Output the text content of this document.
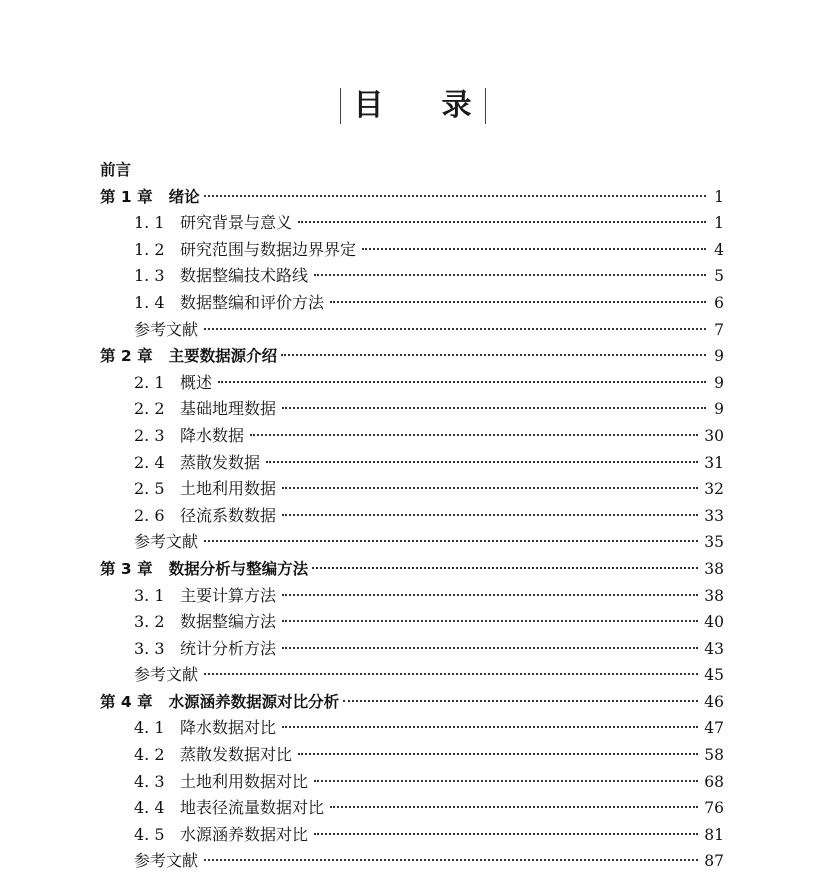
目 录
前言
第 1 章 绪论	1
1. 1 研究背景与意义	1
1. 2 研究范围与数据边界界定	4
1. 3 数据整编技术路线	5
1. 4 数据整编和评价方法	6
参考文献	7
第 2 章 主要数据源介绍	9
2. 1 概述	9
2. 2 基础地理数据	9
2. 3 降水数据	30
2. 4 蒸散发数据	31
2. 5 土地利用数据	32
2. 6 径流系数数据	33
参考文献	35
第 3 章 数据分析与整编方法	38
3. 1 主要计算方法	38
3. 2 数据整编方法	40
3. 3 统计分析方法	43
参考文献	45
第 4 章 水源涵养数据源对比分析	46
4. 1 降水数据对比	47
4. 2 蒸散发数据对比	58
4. 3 土地利用数据对比	68
4. 4 地表径流量数据对比	76
4. 5 水源涵养数据对比	81
参考文献	87
